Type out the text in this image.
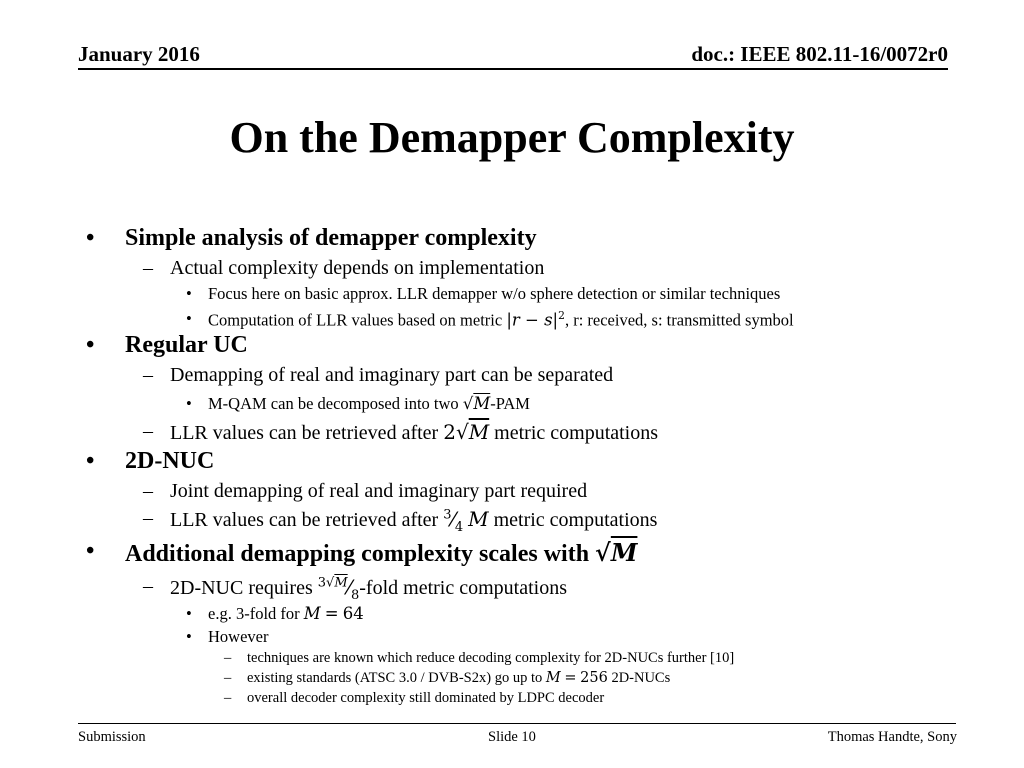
January 2016	doc.: IEEE 802.11-16/0072r0
On the Demapper Complexity
• Simple analysis of demapper complexity
– Actual complexity depends on implementation
• Focus here on basic approx. LLR demapper w/o sphere detection or similar techniques
• Computation of LLR values based on metric $|r - s|^2$, r: received, s: transmitted symbol
• Regular UC
– Demapping of real and imaginary part can be separated
• M-QAM can be decomposed into two √M-PAM
– LLR values can be retrieved after 2√M metric computations
• 2D-NUC
– Joint demapping of real and imaginary part required
– LLR values can be retrieved after $^3⁄_4$ M metric computations
• Additional demapping complexity scales with √M
– 2D-NUC requires $^{3√M}⁄_8$-fold metric computations
• e.g. 3-fold for M = 64
• However
– techniques are known which reduce decoding complexity for 2D-NUCs further [10]
– existing standards (ATSC 3.0 / DVB-S2x) go up to M = 256 2D-NUCs
– overall decoder complexity still dominated by LDPC decoder
Submission	Slide 10	Thomas Handte, Sony
